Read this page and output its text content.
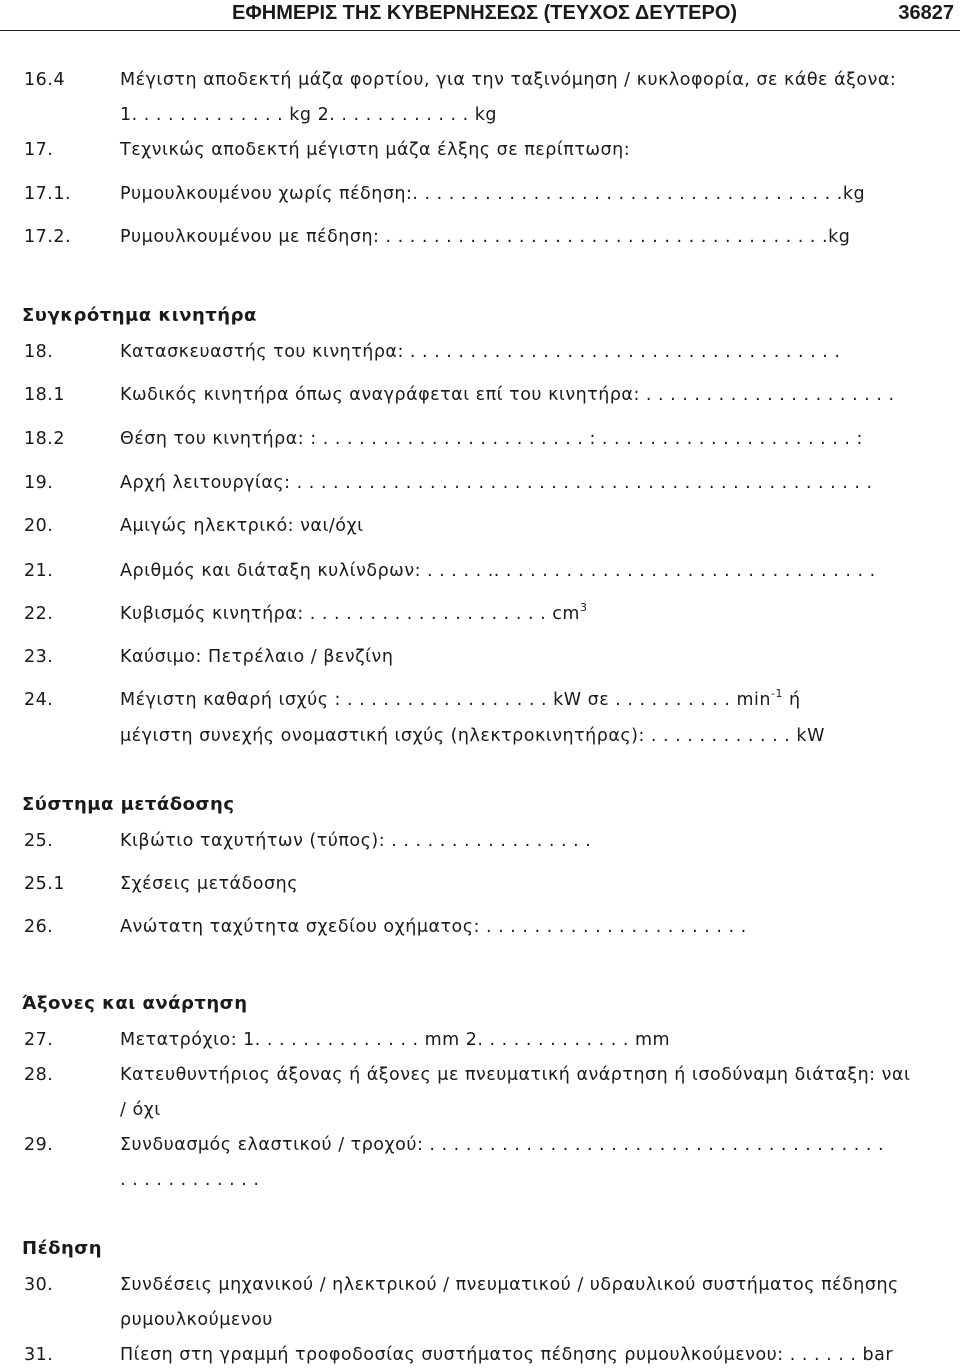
ΕΦΗΜΕΡΙΣ ΤΗΣ ΚΥΒΕΡΝΗΣΕΩΣ (ΤΕΥΧΟΣ ΔΕΥΤΕΡΟ)	36827
16.4	Μέγιστη αποδεκτή μάζα φορτίου, για την ταξινόμηση / κυκλοφορία, σε κάθε άξονα:
1. . . . . . . . . . . . . kg 2. . . . . . . . . . . . kg
17.	Τεχνικώς αποδεκτή μέγιστη μάζα έλξης σε περίπτωση:
17.1.	Ρυμουλκουμένου χωρίς πέδηση:. . . . . . . . . . . . . . . . . . . . . . . . . . . . . . . . . . . .kg
17.2.	Ρυμουλκουμένου με πέδηση: . . . . . . . . . . . . . . . . . . . . . . . . . . . . . . . . . . . . .kg
Συγκρότημα κινητήρα
18.	Κατασκευαστής του κινητήρα: . . . . . . . . . . . . . . . . . . . . . . . . . . . . . . . . . . . .
18.1	Κωδικός κινητήρα όπως αναγράφεται επί του κινητήρα: . . . . . . . . . . . . . . . . . . . . .
18.2	Θέση του κινητήρα: : . . . . . . . . . . . . . . . . . . . . . . : . . . . . . . . . . . . . . . . . . . . . :
19.	Αρχή λειτουργίας: . . . . . . . . . . . . . . . . . . . . . . . . . . . . . . . . . . . . . . . . . . . . . . . .
20.	Αμιγώς ηλεκτρικό: ναι/όχι
21.	Αριθμός και διάταξη κυλίνδρων: . . . . . .. . . . . . . . . . . . . . . . . . . . . . . . . . . . . . . .
22.	Κυβισμός κινητήρα: . . . . . . . . . . . . . . . . . . . . $cm^3$
23.	Καύσιμο: Πετρέλαιο / βενζίνη
24.	Μέγιστη καθαρή ισχύς : . . . . . . . . . . . . . . . . . kW σε . . . . . . . . . . $\min^{-1} ή$
μέγιστη συνεχής ονομαστική ισχύς (ηλεκτροκινητήρας): . . . . . . . . . . . . kW
Σύστημα μετάδοσης
25.	Κιβώτιο ταχυτήτων (τύπος): . . . . . . . . . . . . . . . . .
25.1	Σχέσεις μετάδοσης
26.	Ανώτατη ταχύτητα σχεδίου οχήματος: . . . . . . . . . . . . . . . . . . . . . .
Άξονες και ανάρτηση
27.	Μετατρόχιο: 1. . . . . . . . . . . . . . mm 2. . . . . . . . . . . . . mm
28.	Κατευθυντήριος άξονας ή άξονες με πνευματική ανάρτηση ή ισοδύναμη διάταξη: ναι
/ όχι
29.	Συνδυασμός ελαστικού / τροχού: . . . . . . . . . . . . . . . . . . . . . . . . . . . . . . . . . . . . . .
. . . . . . . . . . . .
Πέδηση
30.	Συνδέσεις μηχανικού / ηλεκτρικού / πνευματικού / υδραυλικού συστήματος πέδησης
ρυμουλκούμενου
31.	Πίεση στη γραμμή τροφοδοσίας συστήματος πέδησης ρυμουλκούμενου: . . . . . . bar
